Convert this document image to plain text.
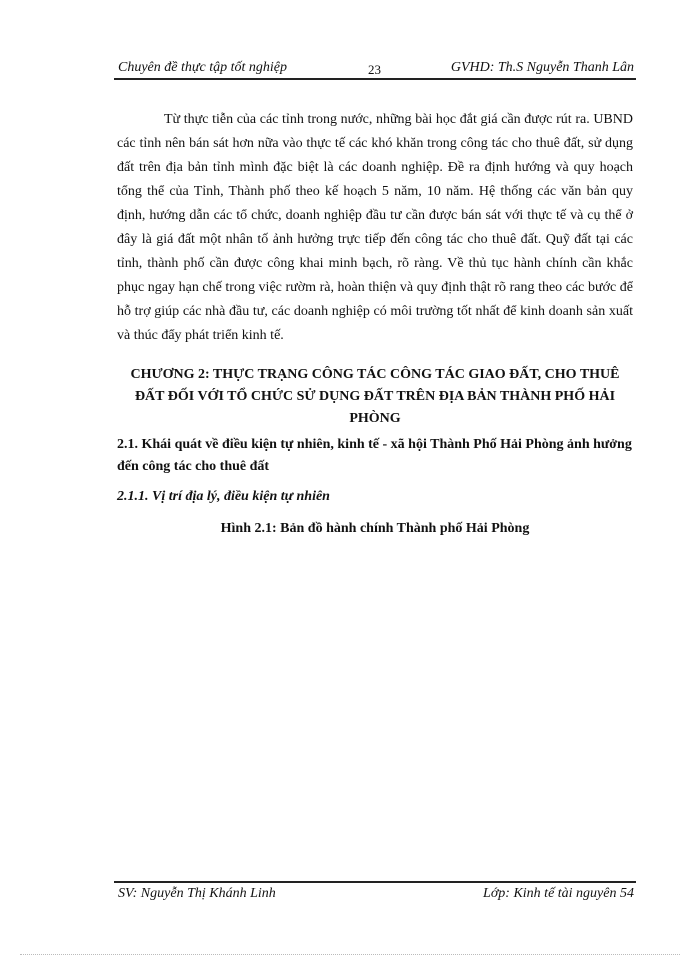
Chuyên đề thực tập tốt nghiệp	23	GVHD: Th.S Nguyễn Thanh Lân

Từ thực tiễn của các tỉnh trong nước, những bài học đắt giá cần được rút ra. UBND các tỉnh nên bán sát hơn nữa vào thực tế các khó khăn trong công tác cho thuê đất, sử dụng đất trên địa bản tỉnh mình đặc biệt là các doanh nghiệp. Đề ra định hướng và quy hoạch tổng thể của Tỉnh, Thành phố theo kế hoạch 5 năm, 10 năm. Hệ thống các văn bản quy định, hướng dẫn các tổ chức, doanh nghiệp đầu tư cần được bán sát với thực tế và cụ thể ở đây là giá đất một nhân tố ảnh hưởng trực tiếp đến công tác cho thuê đất. Quỹ đất tại các tỉnh, thành phố cần được công khai minh bạch, rõ ràng. Về thủ tục hành chính cần khắc phục ngay hạn chế trong việc rườm rà, hoàn thiện và quy định thật rõ rang theo các bước để hỗ trợ giúp các nhà đầu tư, các doanh nghiệp có môi trường tốt nhất để kinh doanh sản xuất và thúc đẩy phát triển kinh tế.

CHƯƠNG 2: THỰC TRẠNG CÔNG TÁC CÔNG TÁC GIAO ĐẤT, CHO THUÊ ĐẤT ĐỐI VỚI TỔ CHỨC SỬ DỤNG ĐẤT TRÊN ĐỊA BẢN THÀNH PHỐ HẢI PHÒNG

2.1. Khái quát về điều kiện tự nhiên, kinh tế - xã hội Thành Phố Hải Phòng ảnh hưởng đến công tác cho thuê đất

2.1.1. Vị trí địa lý, điều kiện tự nhiên

Hình 2.1: Bản đồ hành chính Thành phố Hải Phòng

SV: Nguyễn Thị Khánh Linh	Lớp: Kinh tế tài nguyên 54
